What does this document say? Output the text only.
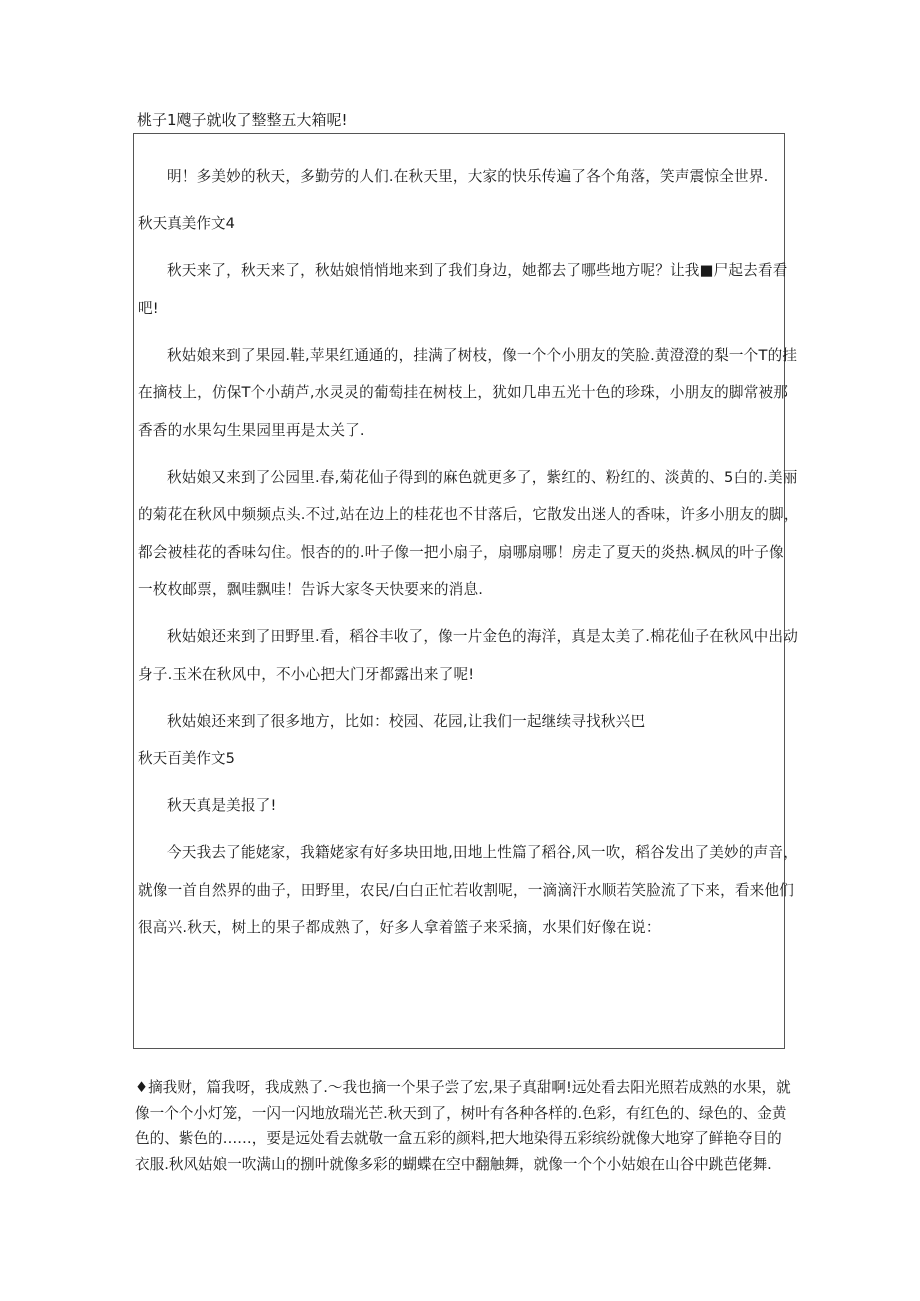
桃子1飕子就收了整整五大箱呢!

明！多美妙的秋天，多勤劳的人们.在秋天里，大家的快乐传遍了各个角落，笑声震惊全世界.

秋天真美作文4

秋天来了，秋天来了，秋姑娘悄悄地来到了我们身边，她都去了哪些地方呢？让我■尸起去看看
吧!

秋姑娘来到了果园.鞋,苹果红通通的，挂满了树枝，像一个个小朋友的笑脸.黄澄澄的梨一个T的挂
在摘枝上，仿保T个小葫芦,水灵灵的葡萄挂在树枝上，犹如几串五光十色的珍珠，小朋友的脚常被那
香香的水果勾生果园里再是太关了.

秋姑娘又来到了公园里.春,菊花仙子得到的麻色就更多了，紫红的、粉红的、淡黄的、5白的.美丽
的菊花在秋风中频频点头.不过,站在边上的桂花也不甘落后，它散发出迷人的香味，许多小朋友的脚，
都会被桂花的香味勾住。恨杏的的.叶子像一把小扇子，扇哪扇哪！房走了夏天的炎热.枫凤的叶子像
一枚枚邮票，飘哇飘哇！告诉大家冬天快要来的消息.

秋姑娘还来到了田野里.看，稻谷丰收了，像一片金色的海洋，真是太美了.棉花仙子在秋风中出动
身子.玉米在秋风中，不小心把大门牙都露出来了呢!

秋姑娘还来到了很多地方，比如：校园、花园,让我们一起继续寻找秋兴巴

秋天百美作文5

秋天真是美报了!

今天我去了能姥家，我籍姥家有好多块田地,田地上性篇了稻谷,风一吹，稻谷发出了美妙的声音，
就像一首自然界的曲子，田野里，农民/白白正忙若收割呢，一滴滴汗水顺若笑脸流了下来，看来他们
很高兴.秋天，树上的果子都成熟了，好多人拿着篮子来采摘，水果们好像在说：

♦摘我财，篇我呀，我成熟了.〜我也摘一个果子尝了宏,果子真甜啊!远处看去阳光照若成熟的水果，就
像一个个小灯笼，一闪一闪地放瑞光芒.秋天到了，树叶有各种各样的.色彩，有红色的、绿色的、金黄
色的、紫色的……，要是远处看去就敬一盒五彩的颜料,把大地染得五彩缤纷就像大地穿了鲜艳夺目的
衣服.秋风姑娘一吹满山的捌叶就像多彩的蝴蝶在空中翻触舞，就像一个个小姑娘在山谷中跳芭佬舞.
